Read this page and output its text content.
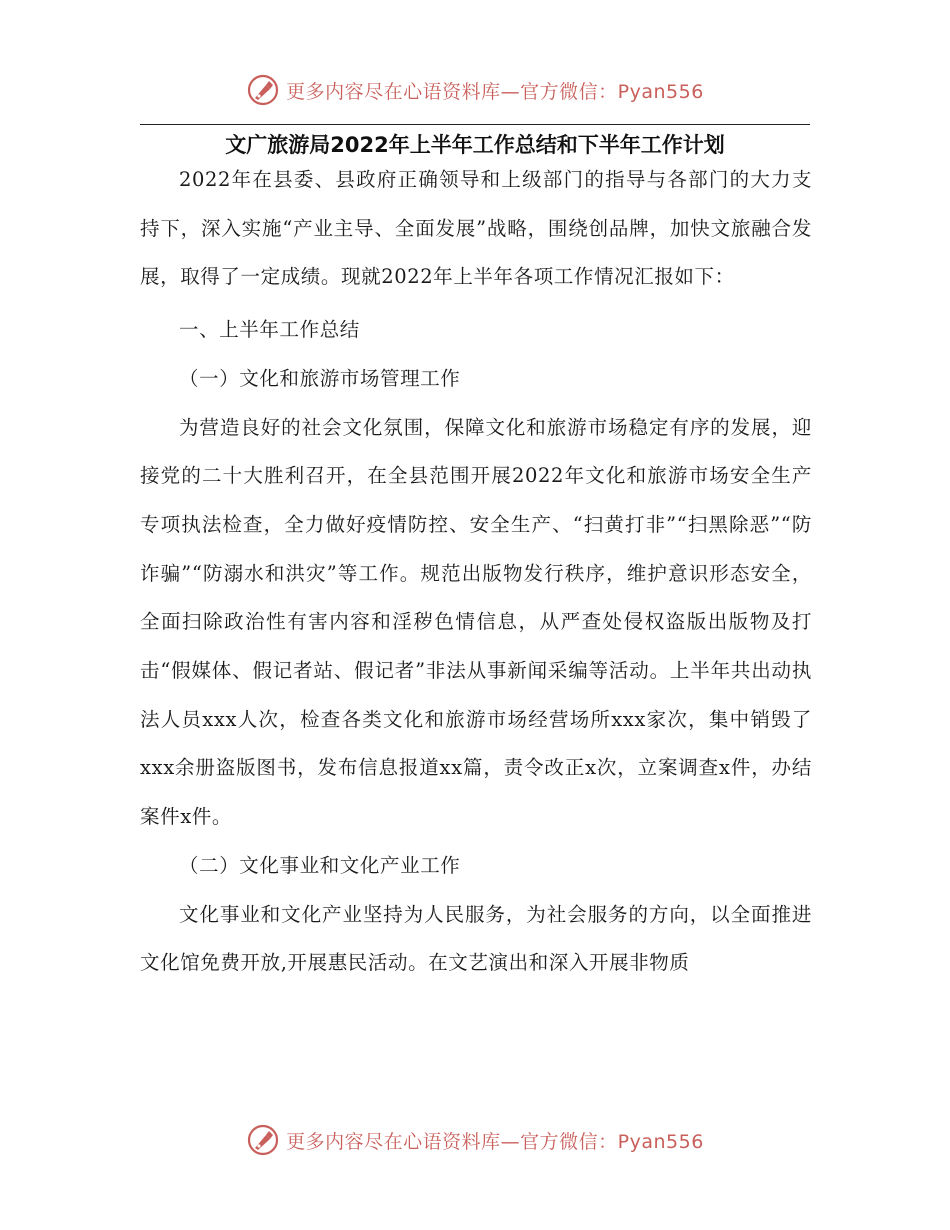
更多内容尽在心语资料库—官方微信：Pyan556
文广旅游局2022年上半年工作总结和下半年工作计划

2022年在县委、县政府正确领导和上级部门的指导与各部门的大力支持下，深入实施“产业主导、全面发展”战略，围绕创品牌，加快文旅融合发展，取得了一定成绩。现就2022年上半年各项工作情况汇报如下：

一、上半年工作总结

（一）文化和旅游市场管理工作

为营造良好的社会文化氛围，保障文化和旅游市场稳定有序的发展，迎接党的二十大胜利召开，在全县范围开展2022年文化和旅游市场安全生产专项执法检查，全力做好疫情防控、安全生产、“扫黄打非”“扫黑除恶”“防诈骗”“防溺水和洪灾”等工作。规范出版物发行秩序，维护意识形态安全，全面扫除政治性有害内容和淫秽色情信息，从严查处侵权盗版出版物及打击“假媒体、假记者站、假记者”非法从事新闻采编等活动。上半年共出动执法人员xxx人次，检查各类文化和旅游市场经营场所xxx家次，集中销毁了xxx余册盗版图书，发布信息报道xx篇，责令改正x次，立案调查x件，办结案件x件。

（二）文化事业和文化产业工作

文化事业和文化产业坚持为人民服务，为社会服务的方向，以全面推进文化馆免费开放,开展惠民活动。在文艺演出和深入开展非物质

更多内容尽在心语资料库—官方微信：Pyan556
